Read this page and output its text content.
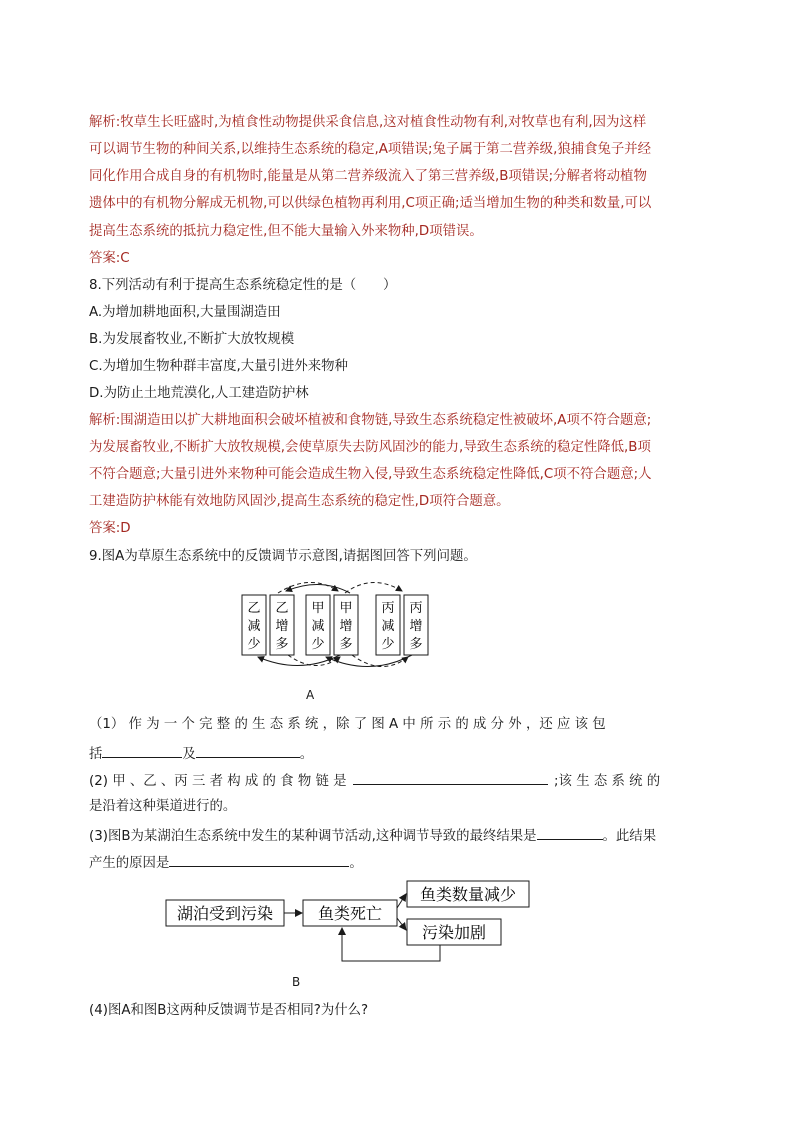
解析:牧草生长旺盛时,为植食性动物提供采食信息,这对植食性动物有利,对牧草也有利,因为这样
可以调节生物的种间关系,以维持生态系统的稳定,A项错误;兔子属于第二营养级,狼捕食兔子并经
同化作用合成自身的有机物时,能量是从第二营养级流入了第三营养级,B项错误;分解者将动植物
遗体中的有机物分解成无机物,可以供绿色植物再利用,C项正确;适当增加生物的种类和数量,可以
提高生态系统的抵抗力稳定性,但不能大量输入外来物种,D项错误。
答案:C
8.下列活动有利于提高生态系统稳定性的是（　　）
A.为增加耕地面积,大量围湖造田
B.为发展畜牧业,不断扩大放牧规模
C.为增加生物种群丰富度,大量引进外来物种
D.为防止土地荒漠化,人工建造防护林
解析:围湖造田以扩大耕地面积会破坏植被和食物链,导致生态系统稳定性被破坏,A项不符合题意;
为发展畜牧业,不断扩大放牧规模,会使草原失去防风固沙的能力,导致生态系统的稳定性降低,B项
不符合题意;大量引进外来物种可能会造成生物入侵,导致生态系统稳定性降低,C项不符合题意;人
工建造防护林能有效地防风固沙,提高生态系统的稳定性,D项符合题意。
答案:D
9.图A为草原生态系统中的反馈调节示意图,请据图回答下列问题。
乙减少
乙增多
甲减少
甲增多
丙减少
丙增多
A
（1） 作 为 一 个 完 整 的 生 态 系 统 ，除 了 图 A 中 所 示 的 成 分 外 ，还 应 该 包
括	及	。
(2) 甲 、乙 、丙 三 者 构 成 的 食 物 链 是	;该 生 态 系 统 的
是沿着这种渠道进行的。
(3)图B为某湖泊生态系统中发生的某种调节活动,这种调节导致的最终结果是	。此结果
产生的原因是	。
湖泊受到污染	鱼类死亡
鱼类数量减少
污染加剧
B
(4)图A和图B这两种反馈调节是否相同?为什么?
